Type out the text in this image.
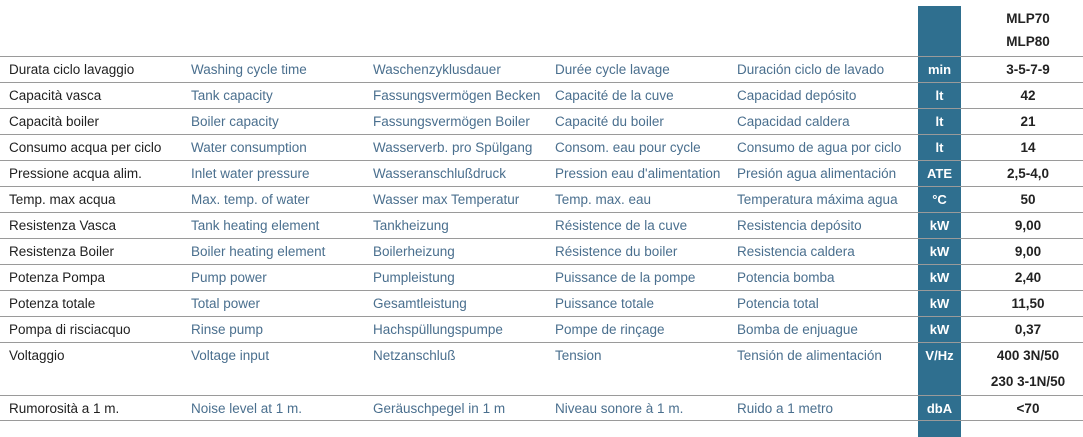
MLP70
MLP80
Durata ciclo lavaggio	Washing cycle time	Waschenzyklusdauer	Durée cycle lavage	Duración ciclo de lavado	min	3-5-7-9
Capacità vasca	Tank capacity	Fassungsvermögen Becken	Capacité de la cuve	Capacidad depósito	lt	42
Capacità boiler	Boiler capacity	Fassungsvermögen Boiler	Capacité du boiler	Capacidad caldera	lt	21
Consumo acqua per ciclo	Water consumption	Wasserverb. pro Spülgang	Consom. eau pour cycle	Consumo de agua por ciclo	lt	14
Pressione acqua alim.	Inlet water pressure	Wasseranschlußdruck	Pression eau d'alimentation	Presión agua alimentación	ATE	2,5-4,0
Temp. max acqua	Max. temp. of water	Wasser max Temperatur	Temp. max. eau	Temperatura máxima agua	°C	50
Resistenza Vasca	Tank heating element	Tankheizung	Résistence de la cuve	Resistencia depósito	kW	9,00
Resistenza Boiler	Boiler heating element	Boilerheizung	Résistence du boiler	Resistencia caldera	kW	9,00
Potenza Pompa	Pump power	Pumpleistung	Puissance de la pompe	Potencia bomba	kW	2,40
Potenza totale	Total power	Gesamtleistung	Puissance totale	Potencia total	kW	11,50
Pompa di risciacquo	Rinse pump	Hachspüllungspumpe	Pompe de rinçage	Bomba de enjuague	kW	0,37
Voltaggio	Voltage input	Netzanschluß	Tension	Tensión de alimentación	V/Hz	400 3N/50
230 3-1N/50
Rumorosità a 1 m.	Noise level at 1 m.	Geräuschpegel in 1 m	Niveau sonore à 1 m.	Ruido a 1 metro	dbA	<70
